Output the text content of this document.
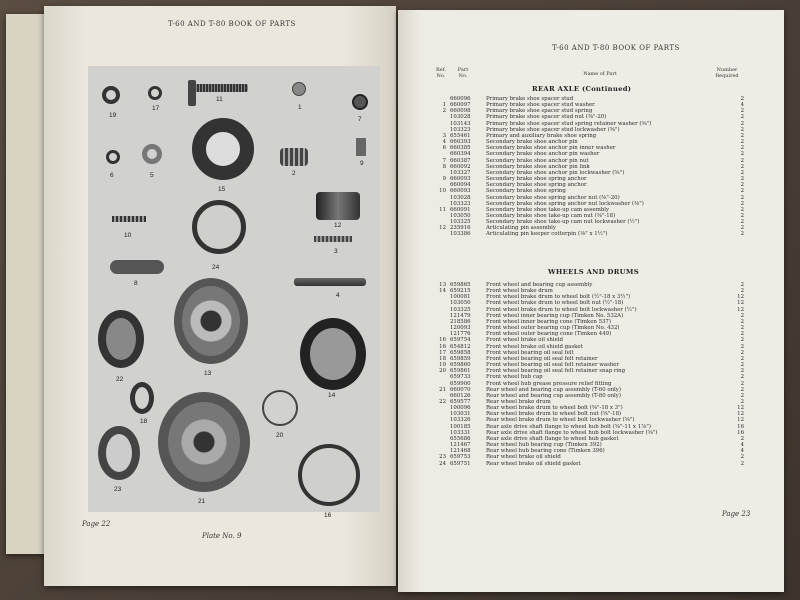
T-60 AND T-80 BOOK OF PARTS
19
17
11
1
7
6	5
15
2
9
12
10
24
8
3
4
22
13
14
18
20
23
21
16
Page 22
Plate No. 9
T-60 AND T-80 BOOK OF PARTS
Ref. No.
Part No.	Name of Part
Number Required
REAR AXLE (Continued)
	660096	Primary brake shoe spacer stud	2
1	660097	Primary brake shoe spacer stud washer	4
2	660098	Primary brake shoe spacer stud spring	2
	103028	Primary brake shoe spacer stud nut (⅜"-20)	2
	103143	Primary brake shoe spacer stud spring retainer washer (⅜")	2
	103323	Primary brake shoe spacer stud lockwasher (⅜")	2
3	655461	Primary and auxiliary brake shoe spring	2
4	660393	Secondary brake shoe anchor pin	2
6	660385	Secondary brake shoe anchor pin inner washer	2
	660394	Secondary brake shoe anchor pin washer	2
7	660387	Secondary brake shoe anchor pin nut	2
8	660092	Secondary brake shoe anchor pin link	2
	103327	Secondary brake shoe anchor pin lockwasher (⅝")	2
9	660093	Secondary brake shoe spring anchor	2
	660094	Secondary brake shoe spring anchor	2
10	660093	Secondary brake shoe spring	2
	103028	Secondary brake shoe spring anchor nut (⅜"-20)	2
	103323	Secondary brake shoe spring anchor nut lockwasher (⅜")	2
11	660091	Secondary brake shoe take-up cam assembly	2
	103050	Secondary brake shoe take-up cam nut (⅜"-18)	2
	103325	Secondary brake shoe take-up cam nut lockwasher (½")	2
12	235916	Articulating pin assembly	2
	103386	Articulating pin keeper cotterpin (⅛" x 1½")	2
WHEELS AND DRUMS
13	659865	Front wheel and bearing cup assembly	2
14	659215	Front wheel brake drum	2
	100081	Front wheel brake drum to wheel bolt (½"-18 x 3½")	12
	103050	Front wheel brake drum to wheel bolt nut (½"-18)	12
	103325	Front wheel brake drum to wheel bolt lockwasher (½")	12
	121479	Front wheel inner bearing cup (Timken No. 532A)	2
	218586	Front wheel inner bearing cone (Timken 537)	2
	120093	Front wheel outer bearing cup (Timken No. 432)	2
	121776	Front wheel outer bearing cone (Timken 449)	2
16	659754	Front wheel brake oil shield	2
16	654812	Front wheel brake oil shield gasket	2
17	659858	Front wheel bearing oil seal felt	2
18	659859	Front wheel bearing oil seal felt retainer	2
19	659860	Front wheel bearing oil seal felt retainer washer	2
20	659861	Front wheel bearing oil seal felt retainer snap ring	2
	659733	Front wheel hub cap	2
	659900	Front wheel hub grease pressure relief fitting	2
21	660070	Rear wheel and bearing cup assembly (T-60 only)	2
	660126	Rear wheel and bearing cup assembly (T-80 only)	2
22	659577	Rear wheel brake drum	2
	100096	Rear wheel brake drum to wheel bolt (⅝"-18 x 3")	12
	103031	Rear wheel brake drum to wheel bolt nut (⅝"-18)	12
	103326	Rear wheel brake drum to wheel bolt lockwasher (⅝")	12
	100185	Rear axle drive shaft flange to wheel hub bolt (⅝"-11 x 1⅞")	16
	103331	Rear axle drive shaft flange to wheel hub bolt lockwasher (⅝")	16
	655686	Rear axle drive shaft flange to wheel hub gasket	2
	121467	Rear wheel hub bearing cup (Timken 392)	4
	121468	Rear wheel hub bearing cone (Timken 396)	4
23	659753	Rear wheel brake oil shield	2
24	659751	Rear wheel brake oil shield gasket	2
Page 23
